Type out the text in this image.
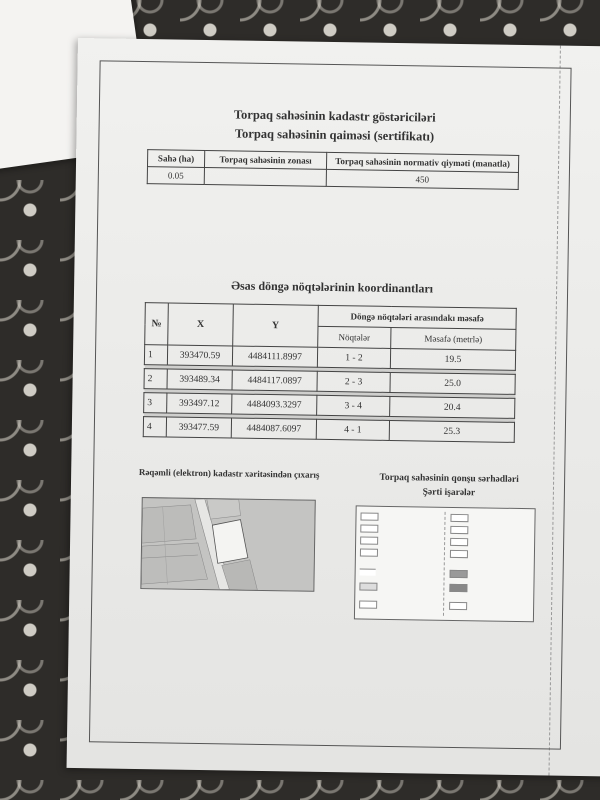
Torpaq sahəsinin kadastr göstəriciləri
Torpaq sahəsinin qaiməsi (sertifikatı)
Sahə (ha)	Torpaq sahəsinin zonası	Torpaq sahəsinin normativ qiyməti (manatla)
0.05		450
Əsas döngə nöqtələrinin koordinantları
№	X	Y	Döngə nöqtələri arasındakı məsafə	
			Nöqtələr	Məsafə (metrlə)
1	393470.59	4484111.8997	1 - 2	19.5

2	393489.34	4484117.0897	2 - 3	25.0

3	393497.12	4484093.3297	3 - 4	20.4

4	393477.59	4484087.6097	4 - 1	25.3
Rəqəmli (elektron) kadastr xəritəsindən çıxarış	Torpaq sahəsinin qonşu sərhədləri
Şərti işarələr
